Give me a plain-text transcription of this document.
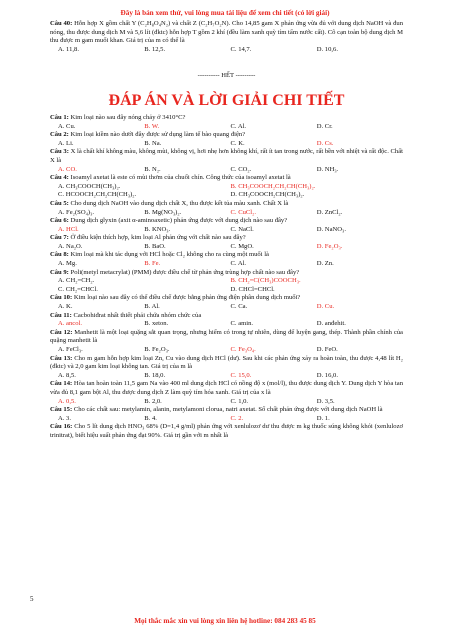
Đây là bản xem thử, vui lòng mua tài liệu để xem chi tiết (có lời giải)

Câu 40: Hỗn hợp X gồm chất Y (C₂H₈O₄N₂) và chất Z (C₂H₇O₂N). Cho 14,85 gam X phản ứng vừa đủ với dung dịch NaOH và đun nóng, thu được dung dịch M và 5,6 lít (đktc) hỗn hợp T gồm 2 khí (đều làm xanh quỳ tím tẩm nước cất). Cô cạn toàn bộ dung dịch M thu được m gam muối khan. Giá trị của m có thể là

A. 11,8.	B. 12,5.	C. 14,7.	D. 10,6.
---------- HẾT ---------
ĐÁP ÁN VÀ LỜI GIẢI CHI TIẾT

Câu 1: Kim loại nào sau đây nóng chảy ở 3410°C?

A. Cu.	B. W.	C. Al.	D. Cr.

Câu 2: Kim loại kiềm nào dưới đây được sử dụng làm tế bào quang điện?

A. Li.	B. Na.	C. K.	D. Cs.

Câu 3: X là chất khí không màu, không mùi, không vị, hơi nhẹ hơn không khí, rất ít tan trong nước, rất bền với nhiệt và rất độc. Chất X là

A. CO.	B. N₂.	C. CO₂.	D. NH₃.

Câu 4: Isoamyl axetat là este có mùi thơm của chuối chín. Công thức của isoamyl axetat là

A. CH₃COOCH(CH₃)₂.	B. CH₃COOCH₂CH₂CH(CH₃)₂.
C. HCOOCH₂CH₂CH(CH₃)₂.	D. CH₃COOCH₂CH(CH₃)₂.

Câu 5: Cho dung dịch NaOH vào dung dịch chất X, thu được kết tủa màu xanh. Chất X là

A. Fe₂(SO₄)₃.	B. Mg(NO₃)₂.	C. CuCl₂.	D. ZnCl₂.

Câu 6: Dung dịch glyxin (axit α-aminoaxetic) phản ứng được với dung dịch nào sau đây?

A. HCl.	B. KNO₃.	C. NaCl.	D. NaNO₃.

Câu 7: Ở điều kiện thích hợp, kim loại Al phản ứng với chất nào sau đây?

A. Na₂O.	B. BaO.	C. MgO.	D. Fe₂O₃.

Câu 8: Kim loại mà khi tác dụng với HCl hoặc Cl₂ không cho ra cùng một muối là

A. Mg.	B. Fe.	C. Al.	D. Zn.

Câu 9: Poli(metyl metacrylat) (PMM) được điều chế từ phản ứng trùng hợp chất nào sau đây?

A. CH₂=CH₂.	B. CH₂=C(CH₃)COOCH₃.
C. CH₂=CHCl.	D. CHCl=CHCl.

Câu 10: Kim loại nào sau đây có thể điều chế được bằng phản ứng điện phân dung dịch muối?

A. K.	B. Al.	C. Ca.	D. Cu.

Câu 11: Cacbohiđrat nhất thiết phải chứa nhóm chức của

A. ancol.	B. xeton.	C. amin.	D. anđehit.

Câu 12: Manhetit là một loại quặng sắt quan trọng, nhưng hiếm có trong tự nhiên, dùng để luyện gang, thép. Thành phần chính của quặng manhetit là

A. FeCl₃.	B. Fe₂O₃.	C. Fe₃O₄.	D. FeO.

Câu 13: Cho m gam hỗn hợp kim loại Zn, Cu vào dung dịch HCl (dư). Sau khi các phản ứng xảy ra hoàn toàn, thu được 4,48 lít H₂ (đktc) và 2,0 gam kim loại không tan. Giá trị của m là

A. 8,5.	B. 18,0.	C. 15,0.	D. 16,0.

Câu 14: Hòa tan hoàn toàn 11,5 gam Na vào 400 ml dung dịch HCl có nồng độ x (mol/l), thu được dung dịch Y. Dung dịch Y hòa tan vừa đủ 8,1 gam bột Al, thu được dung dịch Z làm quỳ tím hóa xanh. Giá trị của x là

A. 0,5.	B. 2,0.	C. 1,0.	D. 3,5.

Câu 15: Cho các chất sau: metylamin, alanin, metylamoni clorua, natri axetat. Số chất phản ứng được với dung dịch NaOH là

A. 3.	B. 4.	C. 2.	D. 1.

Câu 16: Cho 5 lít dung dịch HNO₃ 68% (D=1,4 g/ml) phản ứng với xenlulozơ dư thu được m kg thuốc súng không khói (xenlulozơ trinitrat), biết hiệu suất phản ứng đạt 90%. Giá trị gần với m nhất là

5
Mọi thắc mắc xin vui lòng xin liên hệ hotline: 084 283 45 85
